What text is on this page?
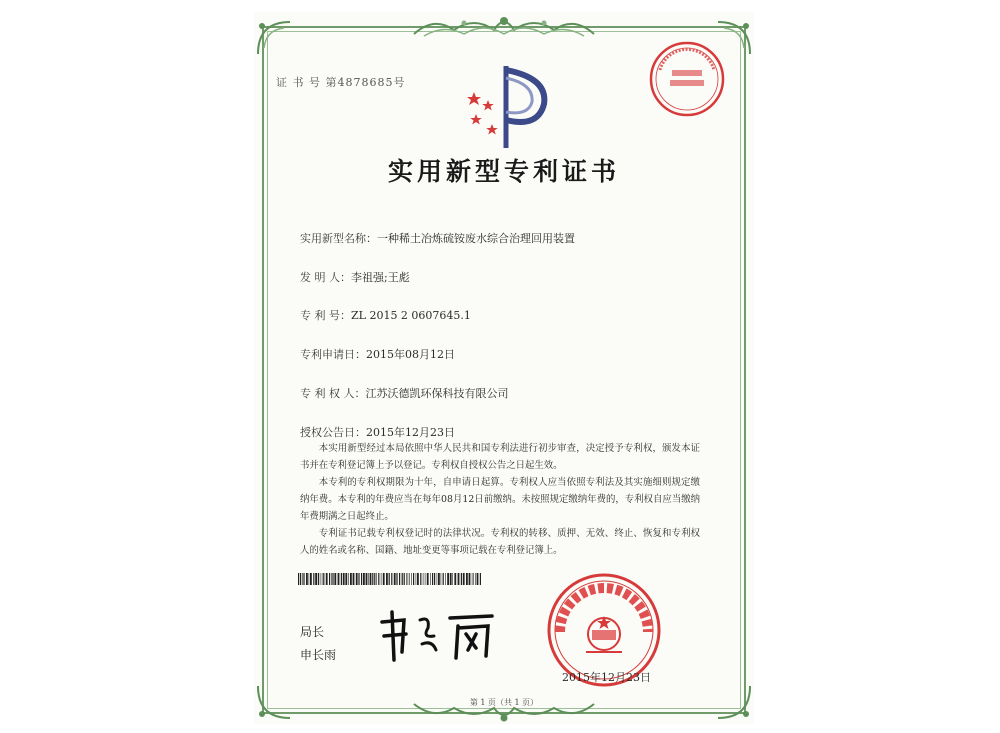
证 书 号 第4878685号
实用新型专利证书
实用新型名称：一种稀土冶炼硫铵废水综合治理回用装置
发 明 人：李祖强;王彪
专 利 号：ZL 2015 2 0607645.1
专利申请日：2015年08月12日
专 利 权 人：江苏沃德凯环保科技有限公司
授权公告日：2015年12月23日

本实用新型经过本局依照中华人民共和国专利法进行初步审查，决定授予专利权，颁发本证书并在专利登记簿上予以登记。专利权自授权公告之日起生效。

本专利的专利权期限为十年，自申请日起算。专利权人应当依照专利法及其实施细则规定缴纳年费。本专利的年费应当在每年08月12日前缴纳。未按照规定缴纳年费的，专利权自应当缴纳年费期满之日起终止。

专利证书记载专利权登记时的法律状况。专利权的转移、质押、无效、终止、恢复和专利权人的姓名或名称、国籍、地址变更等事项记载在专利登记簿上。

局长
申长雨
2015年12月23日
第 1 页（共 1 页）
